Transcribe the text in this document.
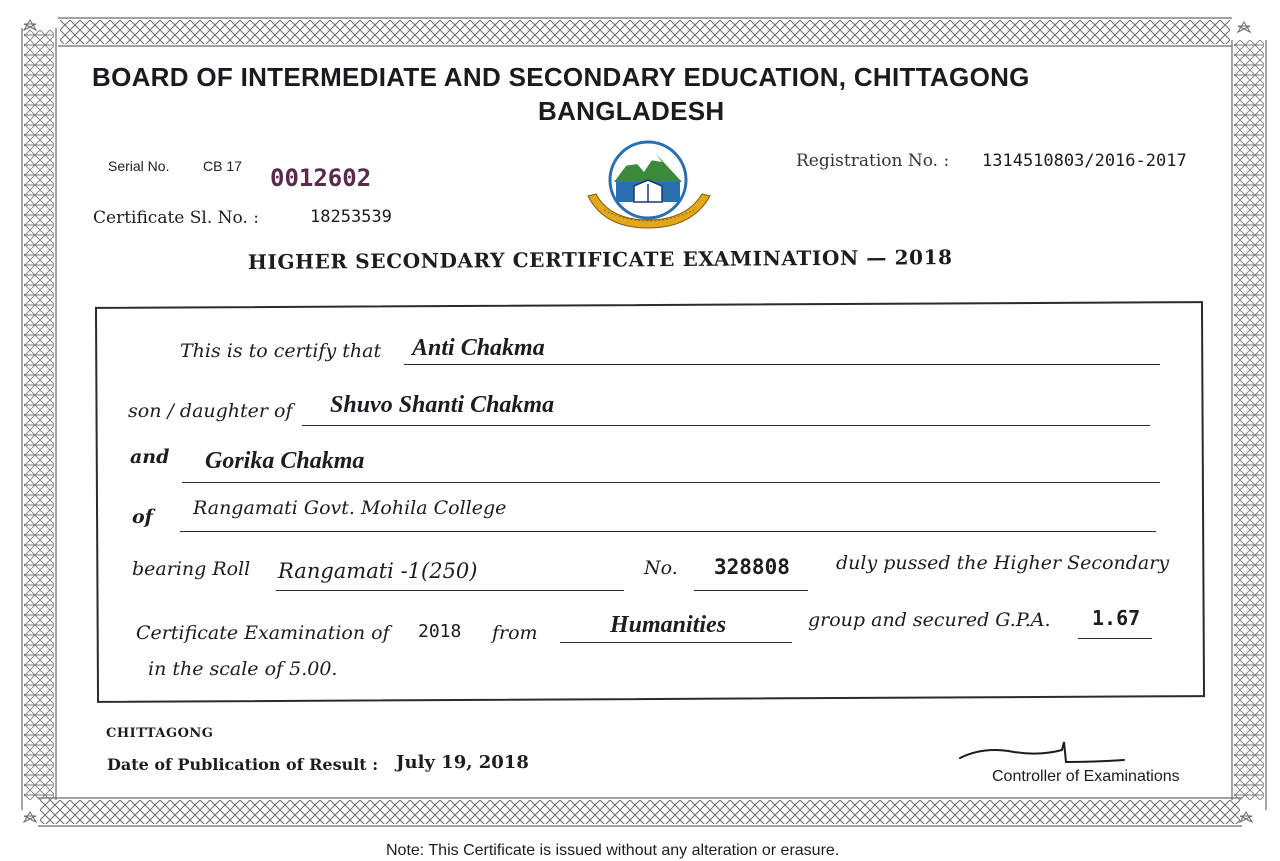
BOARD OF INTERMEDIATE AND SECONDARY EDUCATION, CHITTAGONG
BANGLADESH
Serial No. CB 17 0012602
Certificate Sl. No. :	18253539
Registration No. : 1314510803/2016-2017
HIGHER SECONDARY CERTIFICATE EXAMINATION — 2018
This is to certify that Anti Chakma
son / daughter of Shuvo Shanti Chakma
and Gorika Chakma
of Rangamati Govt. Mohila College
bearing Roll Rangamati -1(250)	No. 328808 duly pussed the Higher Secondary
Certificate Examination of 2018 from	Humanities	group and secured G.P.A. 1.67
in the scale of 5.00.
CHITTAGONG
Date of Publication of Result : July 19, 2018
Controller of Examinations
Note: This Certificate is issued without any alteration or erasure.
